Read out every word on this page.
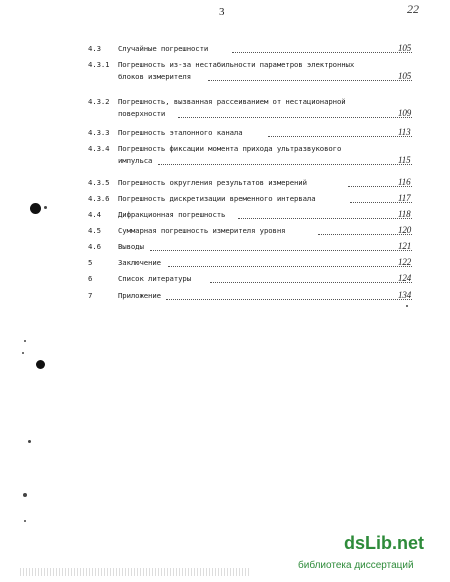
3	22
4.3 Случайные погрешности	105
4.3.1 Погрешность из-за нестабильности параметров электронных
блоков измерителя	105
4.3.2 Погрешность, вызванная рассеиванием от нестационарной
поверхности	109
4.3.3 Погрешность эталонного канала	113
4.3.4 Погрешность фиксации момента прихода ультразвукового
импульса	115
4.3.5 Погрешность округления результатов измерений	116
4.3.6 Погрешность дискретизации временного интервала	117
4.4 Дифракционная погрешность	118
4.5 Суммарная погрешность измерителя уровня	120
4.6 Выводы	121
5	Заключение	122
6	Список литературы	124
7	Приложение	134
dsLib.net
библиотека диссертаций
